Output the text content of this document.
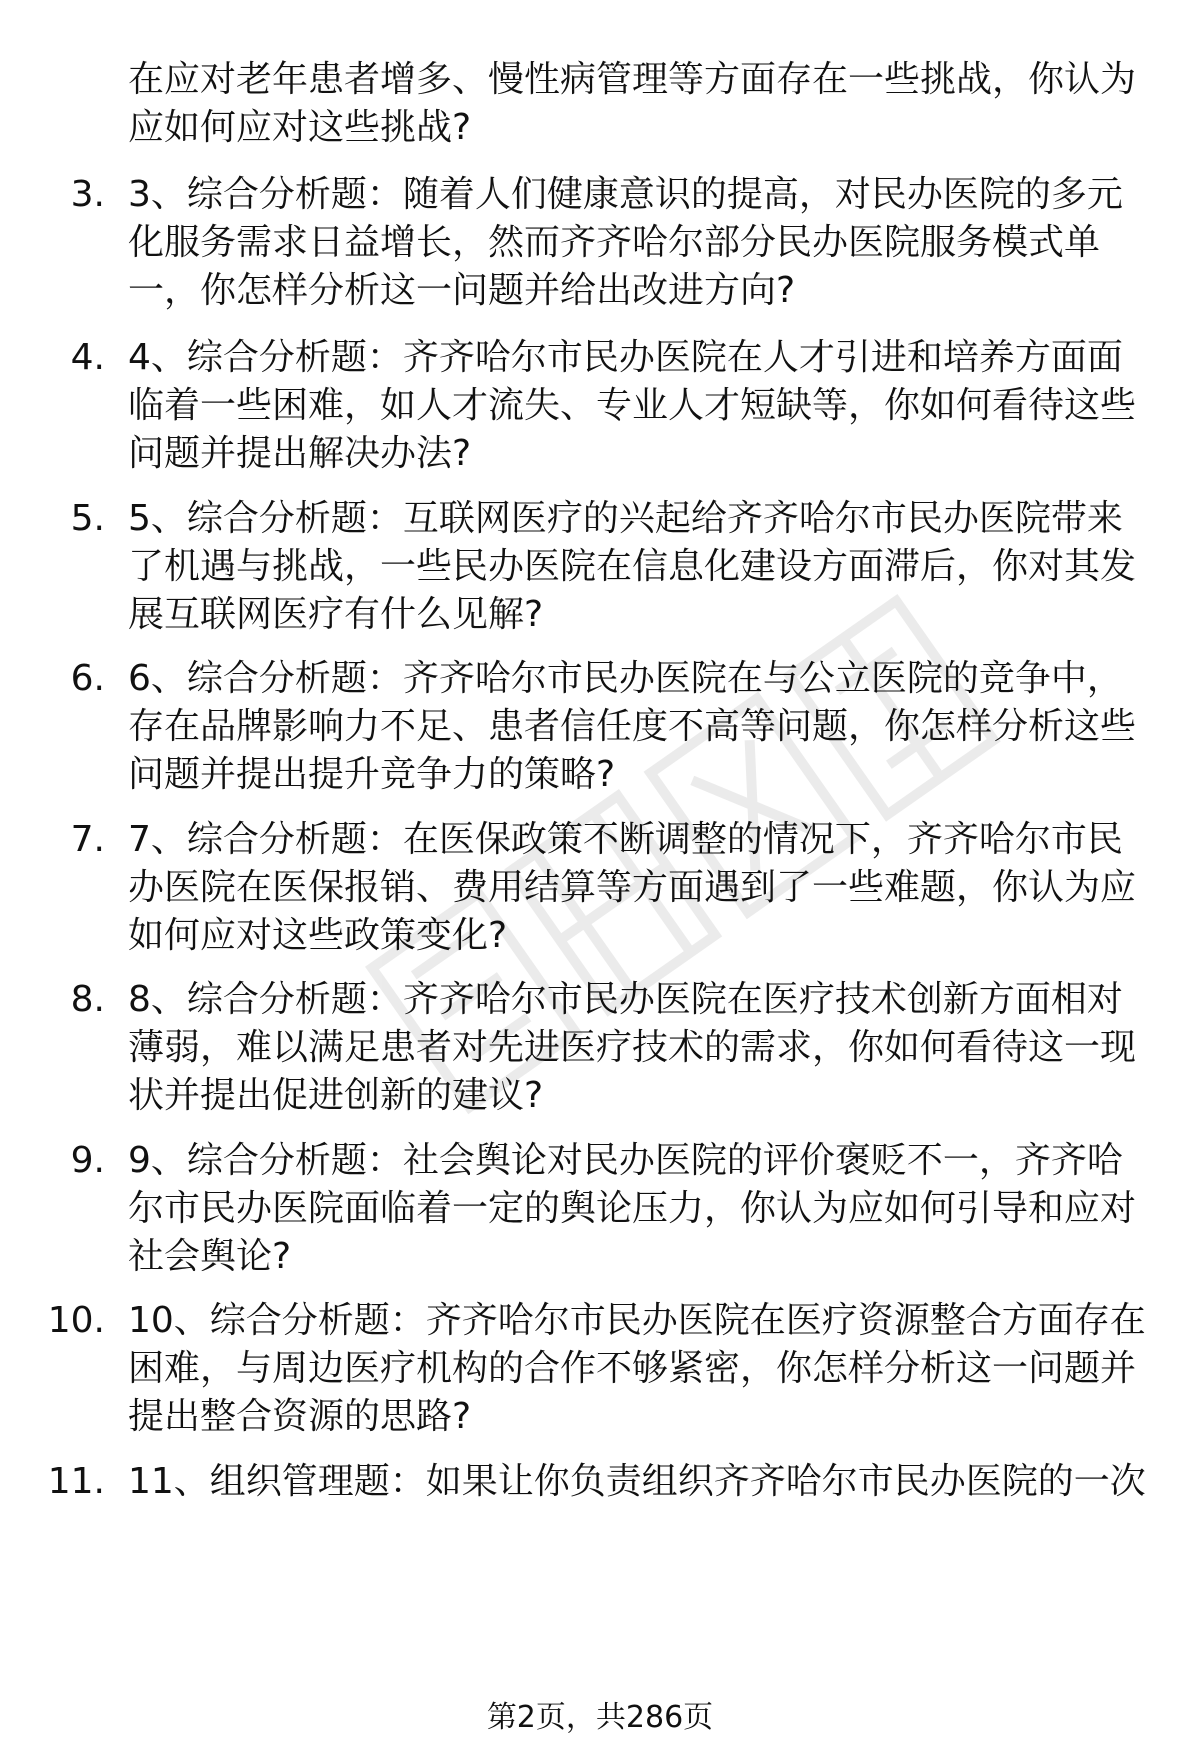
在应对老年患者增多、慢性病管理等方面存在一些挑战，你认为应如何应对这些挑战?
3. 3、综合分析题：随着人们健康意识的提高，对民办医院的多元化服务需求日益增长，然而齐齐哈尔部分民办医院服务模式单一，你怎样分析这一问题并给出改进方向?
4. 4、综合分析题：齐齐哈尔市民办医院在人才引进和培养方面面临着一些困难，如人才流失、专业人才短缺等，你如何看待这些问题并提出解决办法?
5. 5、综合分析题：互联网医疗的兴起给齐齐哈尔市民办医院带来了机遇与挑战，一些民办医院在信息化建设方面滞后，你对其发展互联网医疗有什么见解?
6. 6、综合分析题：齐齐哈尔市民办医院在与公立医院的竞争中，存在品牌影响力不足、患者信任度不高等问题，你怎样分析这些问题并提出提升竞争力的策略?
7. 7、综合分析题：在医保政策不断调整的情况下，齐齐哈尔市民办医院在医保报销、费用结算等方面遇到了一些难题，你认为应如何应对这些政策变化?
8. 8、综合分析题：齐齐哈尔市民办医院在医疗技术创新方面相对薄弱，难以满足患者对先进医疗技术的需求，你如何看待这一现状并提出促进创新的建议?
9. 9、综合分析题：社会舆论对民办医院的评价褒贬不一，齐齐哈尔市民办医院面临着一定的舆论压力，你认为应如何引导和应对社会舆论?
10. 10、综合分析题：齐齐哈尔市民办医院在医疗资源整合方面存在困难，与周边医疗机构的合作不够紧密，你怎样分析这一问题并提出整合资源的思路?
11. 11、组织管理题：如果让你负责组织齐齐哈尔市民办医院的一次
第2页，共286页
